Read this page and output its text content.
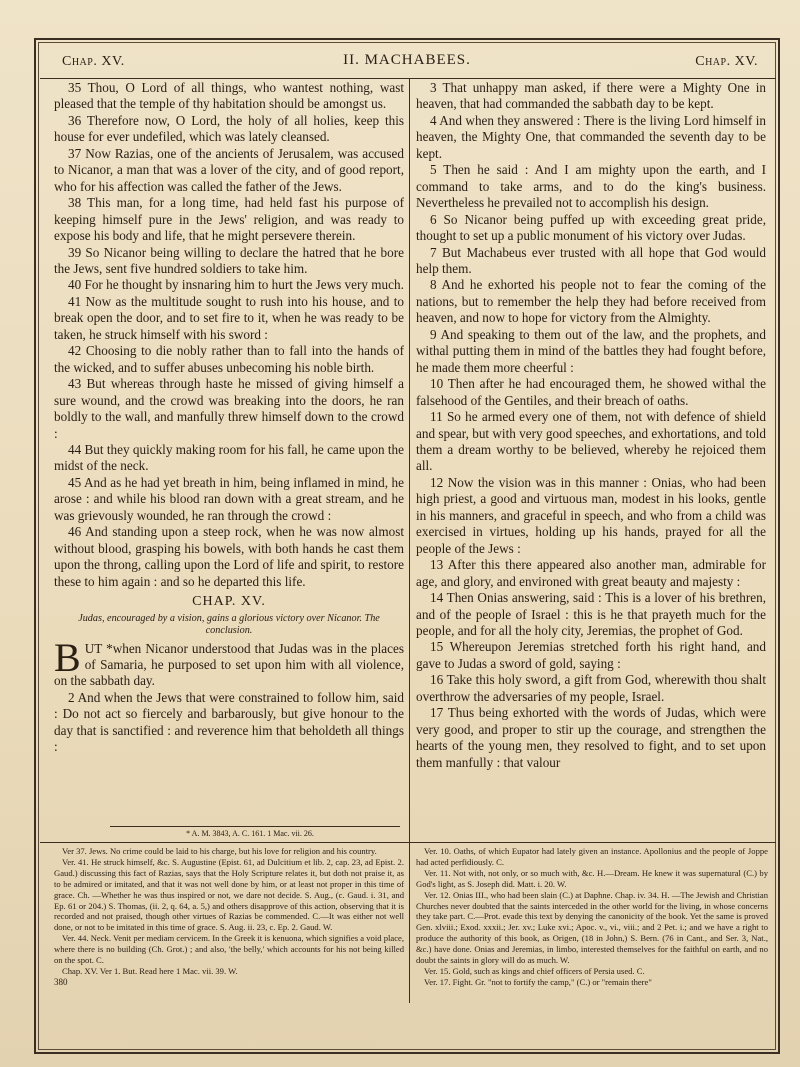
Chap. XV.	II. MACHABEES.	Chap. XV.

35 Thou, O Lord of all things, who wantest nothing, wast pleased that the temple of thy habitation should be amongst us.

36 Therefore now, O Lord, the holy of all holies, keep this house for ever undefiled, which was lately cleansed.

37 Now Razias, one of the ancients of Jerusalem, was accused to Nicanor, a man that was a lover of the city, and of good report, who for his affection was called the father of the Jews.

38 This man, for a long time, had held fast his purpose of keeping himself pure in the Jews' religion, and was ready to expose his body and life, that he might persevere therein.

39 So Nicanor being willing to declare the hatred that he bore the Jews, sent five hundred soldiers to take him.

40 For he thought by insnaring him to hurt the Jews very much.

41 Now as the multitude sought to rush into his house, and to break open the door, and to set fire to it, when he was ready to be taken, he struck himself with his sword :

42 Choosing to die nobly rather than to fall into the hands of the wicked, and to suffer abuses unbecoming his noble birth.

43 But whereas through haste he missed of giving himself a sure wound, and the crowd was breaking into the doors, he ran boldly to the wall, and manfully threw himself down to the crowd :

44 But they quickly making room for his fall, he came upon the midst of the neck.

45 And as he had yet breath in him, being inflamed in mind, he arose : and while his blood ran down with a great stream, and he was grievously wounded, he ran through the crowd :

46 And standing upon a steep rock, when he was now almost without blood, grasping his bowels, with both hands he cast them upon the throng, calling upon the Lord of life and spirit, to restore these to him again : and so he departed this life.

CHAP. XV.
Judas, encouraged by a vision, gains a glorious victory over Nicanor. The conclusion.

BUT *when Nicanor understood that Judas was in the places of Samaria, he purposed to set upon him with all violence, on the sabbath day.

2 And when the Jews that were constrained to follow him, said : Do not act so fiercely and barbarously, but give honour to the day that is sanctified : and reverence him that beholdeth all things :

3 That unhappy man asked, if there were a Mighty One in heaven, that had commanded the sabbath day to be kept.

4 And when they answered : There is the living Lord himself in heaven, the Mighty One, that commanded the seventh day to be kept.

5 Then he said : And I am mighty upon the earth, and I command to take arms, and to do the king's business. Nevertheless he prevailed not to accomplish his design.

6 So Nicanor being puffed up with exceeding great pride, thought to set up a public monument of his victory over Judas.

7 But Machabeus ever trusted with all hope that God would help them.

8 And he exhorted his people not to fear the coming of the nations, but to remember the help they had before received from heaven, and now to hope for victory from the Almighty.

9 And speaking to them out of the law, and the prophets, and withal putting them in mind of the battles they had fought before, he made them more cheerful :

10 Then after he had encouraged them, he showed withal the falsehood of the Gentiles, and their breach of oaths.

11 So he armed every one of them, not with defence of shield and spear, but with very good speeches, and exhortations, and told them a dream worthy to be believed, whereby he rejoiced them all.

12 Now the vision was in this manner : Onias, who had been high priest, a good and virtuous man, modest in his looks, gentle in his manners, and graceful in speech, and who from a child was exercised in virtues, holding up his hands, prayed for all the people of the Jews :

13 After this there appeared also another man, admirable for age, and glory, and environed with great beauty and majesty :

14 Then Onias answering, said : This is a lover of his brethren, and of the people of Israel : this is he that prayeth much for the people, and for all the holy city, Jeremias, the prophet of God.

15 Whereupon Jeremias stretched forth his right hand, and gave to Judas a sword of gold, saying :

16 Take this holy sword, a gift from God, wherewith thou shalt overthrow the adversaries of my people, Israel.

17 Thus being exhorted with the words of Judas, which were very good, and proper to stir up the courage, and strengthen the hearts of the young men, they resolved to fight, and to set upon them manfully : that valour

* A. M. 3843, A. C. 161. 1 Mac. vii. 26.

Ver 37. Jews. No crime could be laid to his charge, but his love for religion and his country.

Ver. 41. He struck himself, &c. S. Augustine (Epist. 61, ad Dulcitium et lib. 2, cap. 23, ad Epist. 2. Gaud.) discussing this fact of Razias, says that the Holy Scripture relates it, but doth not praise it, as to be admired or imitated, and that it was not well done by him, or at least not proper in this time of grace. Ch. —Whether he was thus inspired or not, we dare not decide. S. Aug., (c. Gaud. i. 31, and Ep. 61 or 204.) S. Thomas, (ii. 2, q. 64, a. 5,) and others disapprove of this action, observing that it is recorded and not praised, though other virtues of Razias be commended. C.—It was either not well done, or not to be imitated in this time of grace. S. Aug. ii. 23, c. Ep. 2. Gaud. W.

Ver. 44. Neck. Venit per mediam cervicem. In the Greek it is kenuona, which signifies a void place, where there is no building (Ch. Grot.) ; and also, 'the belly,' which accounts for his not being killed on the spot. C.

Chap. XV. Ver 1. But. Read here 1 Mac. vii. 39. W.

380

Ver. 10. Oaths, of which Eupator had lately given an instance. Apollonius and the people of Joppe had acted perfidiously. C.

Ver. 11. Not with, not only, or so much with, &c. H.—Dream. He knew it was supernatural (C.) by God's light, as S. Joseph did. Matt. i. 20. W.

Ver. 12. Onias III., who had been slain (C.) at Daphne. Chap. iv. 34. H. —The Jewish and Christian Churches never doubted that the saints interceded in the other world for the living, in whose concerns they take part. C.—Prot. evade this text by denying the canonicity of the book. Yet the same is proved Gen. xlviii.; Exod. xxxii.; Jer. xv.; Luke xvi.; Apoc. v., vi., viii.; and 2 Pet. i.; and we have a right to produce the authority of this book, as Origen, (18 in John,) S. Bern. (76 in Cant., and Ser. 3, Nat., &c.) have done. Onias and Jeremias, in limbo, interested themselves for the faithful on earth, and no doubt the saints in glory will do as much. W.

Ver. 15. Gold, such as kings and chief officers of Persia used. C.

Ver. 17. Fight. Gr. "not to fortify the camp," (C.) or "remain there"
